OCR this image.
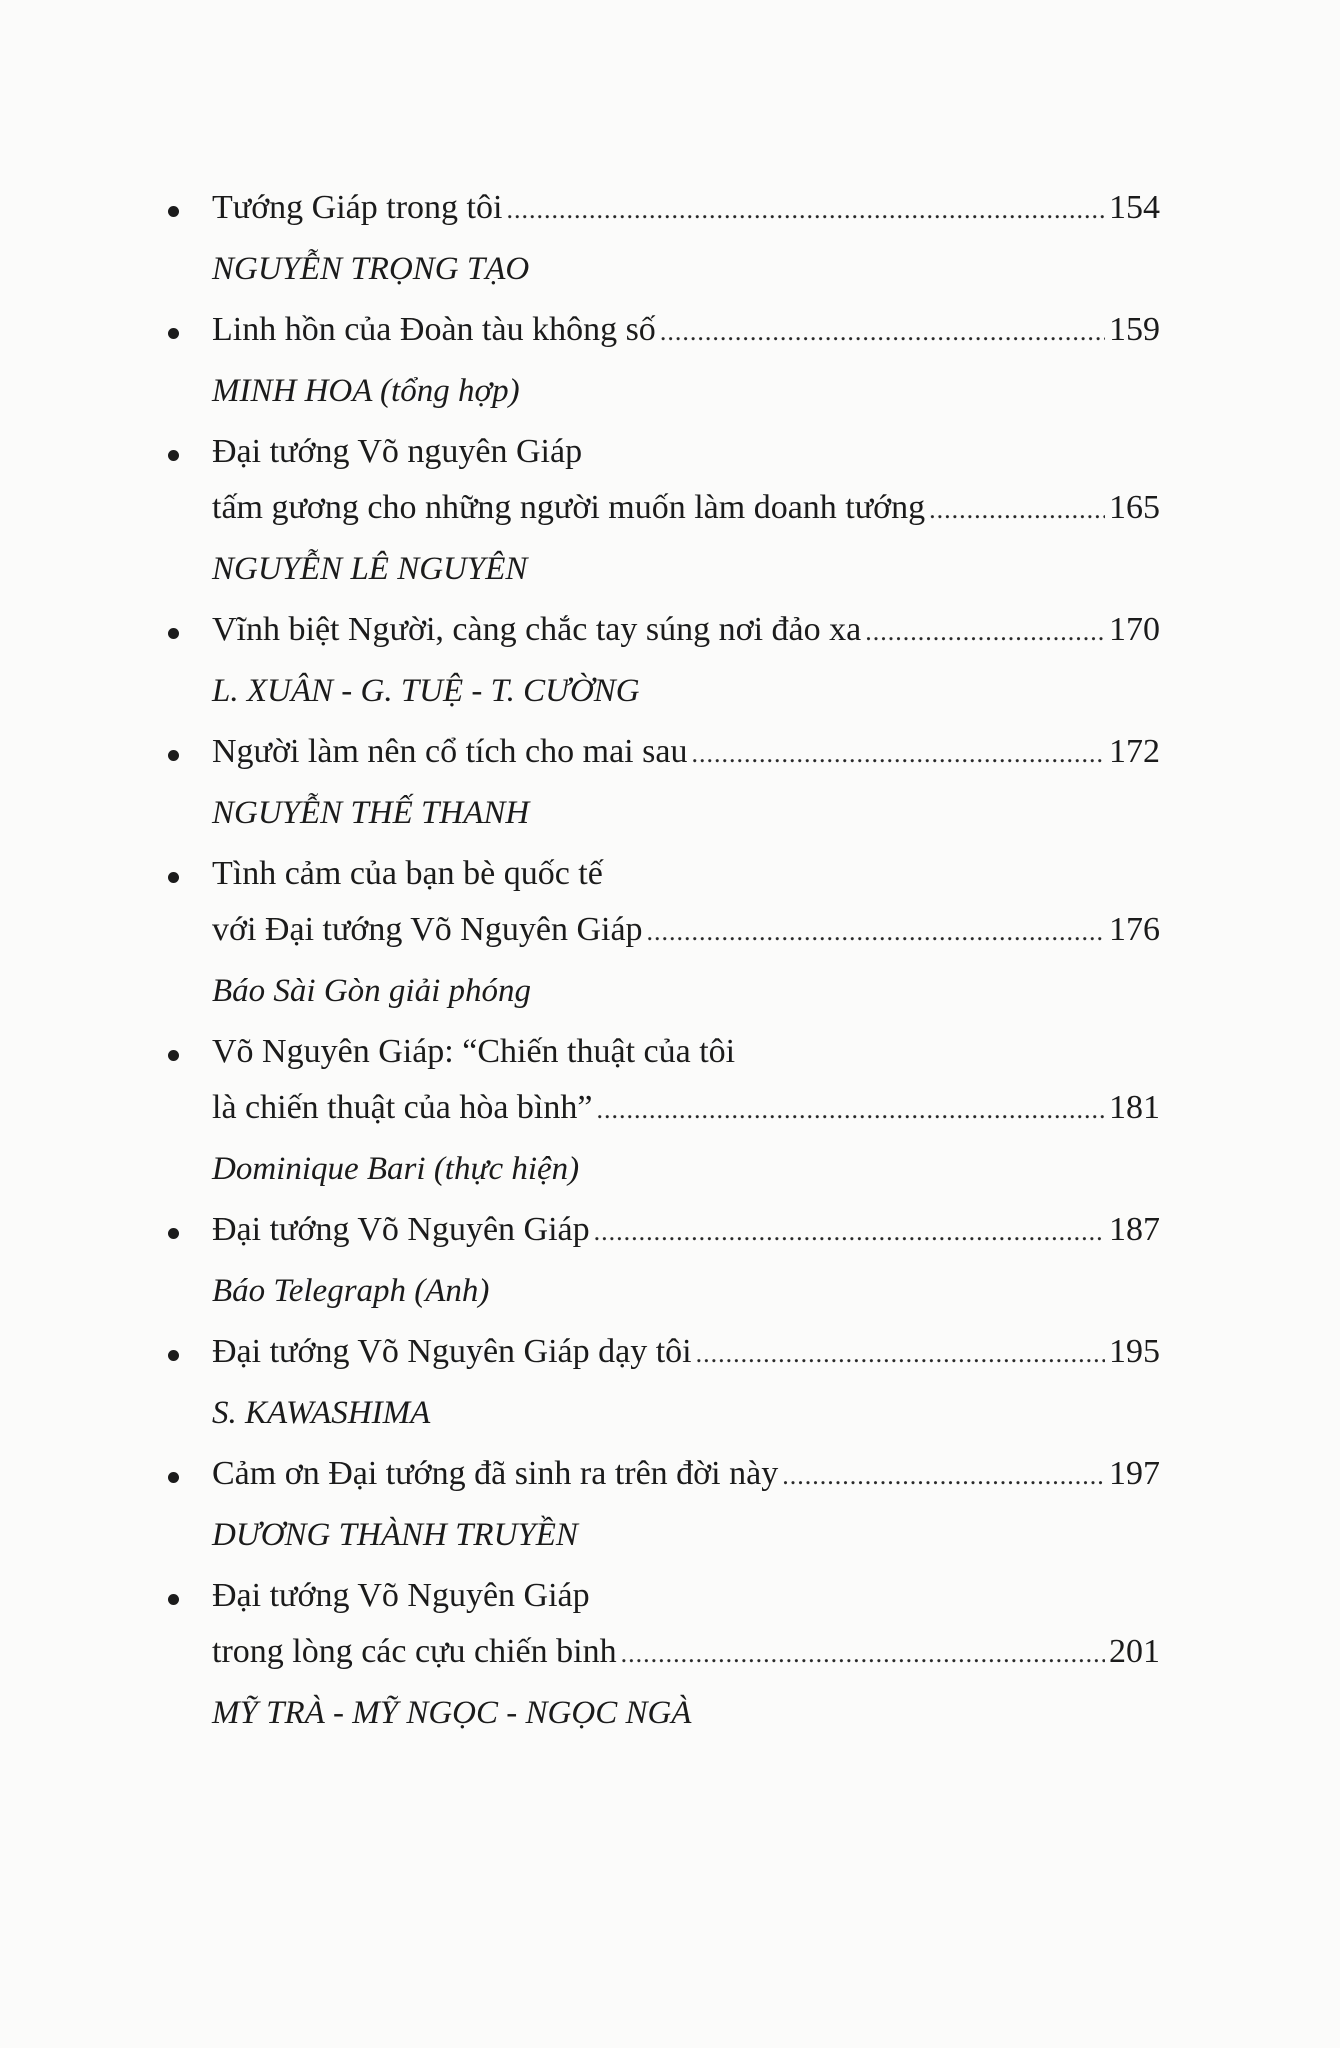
Tướng Giáp trong tôi .....	154
NGUYỄN TRỌNG TẠO
Linh hồn của Đoàn tàu không số .....	159
MINH HOA (tổng hợp)
Đại tướng Võ nguyên Giáp
tấm gương cho những người muốn làm doanh tướng .....	165
NGUYỄN LÊ NGUYÊN
Vĩnh biệt Người, càng chắc tay súng nơi đảo xa .....	170
L. XUÂN - G. TUỆ - T. CƯỜNG
Người làm nên cổ tích cho mai sau .....	172
NGUYỄN THẾ THANH
Tình cảm của bạn bè quốc tế
với Đại tướng Võ Nguyên Giáp .....	176
Báo Sài Gòn giải phóng
Võ Nguyên Giáp: “Chiến thuật của tôi
là chiến thuật của hòa bình” .....	181
Dominique Bari (thực hiện)
Đại tướng Võ Nguyên Giáp .....	187
Báo Telegraph (Anh)
Đại tướng Võ Nguyên Giáp dạy tôi .....	195
S. KAWASHIMA
Cảm ơn Đại tướng đã sinh ra trên đời này .....	197
DƯƠNG THÀNH TRUYỀN
Đại tướng Võ Nguyên Giáp
trong lòng các cựu chiến binh .....	201
MỸ TRÀ - MỸ NGỌC - NGỌC NGÀ
